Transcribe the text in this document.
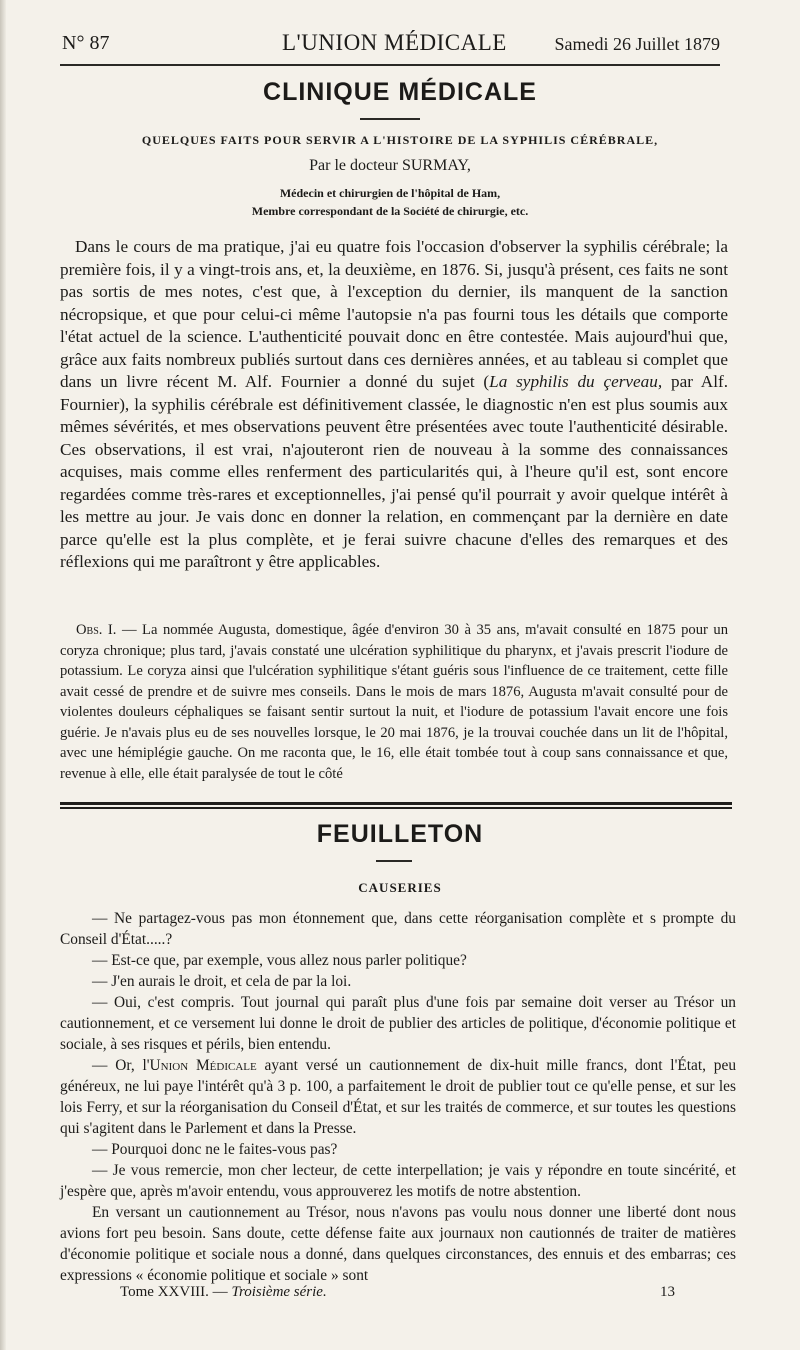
N° 87	L'UNION MÉDICALE	Samedi 26 Juillet 1879
CLINIQUE MÉDICALE
QUELQUES FAITS POUR SERVIR A L'HISTOIRE DE LA SYPHILIS CÉRÉBRALE,
Par le docteur SURMAY,
Médecin et chirurgien de l'hôpital de Ham,
Membre correspondant de la Société de chirurgie, etc.

Dans le cours de ma pratique, j'ai eu quatre fois l'occasion d'observer la syphilis cérébrale; la première fois, il y a vingt-trois ans, et, la deuxième, en 1876. Si, jusqu'à présent, ces faits ne sont pas sortis de mes notes, c'est que, à l'exception du dernier, ils manquent de la sanction nécropsique, et que pour celui-ci même l'autopsie n'a pas fourni tous les détails que comporte l'état actuel de la science. L'authenticité pouvait donc en être contestée. Mais aujourd'hui que, grâce aux faits nombreux publiés surtout dans ces dernières années, et au tableau si complet que dans un livre récent M. Alf. Fournier a donné du sujet (La syphilis du çerveau, par Alf. Fournier), la syphilis cérébrale est définitivement classée, le diagnostic n'en est plus soumis aux mêmes sévérités, et mes observations peuvent être présentées avec toute l'authenticité désirable. Ces observations, il est vrai, n'ajouteront rien de nouveau à la somme des connaissances acquises, mais comme elles renferment des particularités qui, à l'heure qu'il est, sont encore regardées comme très-rares et exceptionnelles, j'ai pensé qu'il pourrait y avoir quelque intérêt à les mettre au jour. Je vais donc en donner la relation, en commençant par la dernière en date parce qu'elle est la plus complète, et je ferai suivre chacune d'elles des remarques et des réflexions qui me paraîtront y être applicables.

Obs. I. — La nommée Augusta, domestique, âgée d'environ 30 à 35 ans, m'avait consulté en 1875 pour un coryza chronique; plus tard, j'avais constaté une ulcération syphilitique du pharynx, et j'avais prescrit l'iodure de potassium. Le coryza ainsi que l'ulcération syphilitique s'étant guéris sous l'influence de ce traitement, cette fille avait cessé de prendre et de suivre mes conseils. Dans le mois de mars 1876, Augusta m'avait consulté pour de violentes douleurs céphaliques se faisant sentir surtout la nuit, et l'iodure de potassium l'avait encore une fois guérie. Je n'avais plus eu de ses nouvelles lorsque, le 20 mai 1876, je la trouvai couchée dans un lit de l'hôpital, avec une hémiplégie gauche. On me raconta que, le 16, elle était tombée tout à coup sans connaissance et que, revenue à elle, elle était paralysée de tout le côté

FEUILLETON
CAUSERIES

— Ne partagez-vous pas mon étonnement que, dans cette réorganisation complète et s prompte du Conseil d'État.....?

— Est-ce que, par exemple, vous allez nous parler politique?

— J'en aurais le droit, et cela de par la loi.

— Oui, c'est compris. Tout journal qui paraît plus d'une fois par semaine doit verser au Trésor un cautionnement, et ce versement lui donne le droit de publier des articles de politique, d'économie politique et sociale, à ses risques et périls, bien entendu.

— Or, l'Union Médicale ayant versé un cautionnement de dix-huit mille francs, dont l'État, peu généreux, ne lui paye l'intérêt qu'à 3 p. 100, a parfaitement le droit de publier tout ce qu'elle pense, et sur les lois Ferry, et sur la réorganisation du Conseil d'État, et sur les traités de commerce, et sur toutes les questions qui s'agitent dans le Parlement et dans la Presse.

— Pourquoi donc ne le faites-vous pas?

— Je vous remercie, mon cher lecteur, de cette interpellation; je vais y répondre en toute sincérité, et j'espère que, après m'avoir entendu, vous approuverez les motifs de notre abstention.

En versant un cautionnement au Trésor, nous n'avons pas voulu nous donner une liberté dont nous avions fort peu besoin. Sans doute, cette défense faite aux journaux non cautionnés de traiter de matières d'économie politique et sociale nous a donné, dans quelques circonstances, des ennuis et des embarras; ces expressions « économie politique et sociale » sont

Tome XXVIII. — Troisième série.	13
